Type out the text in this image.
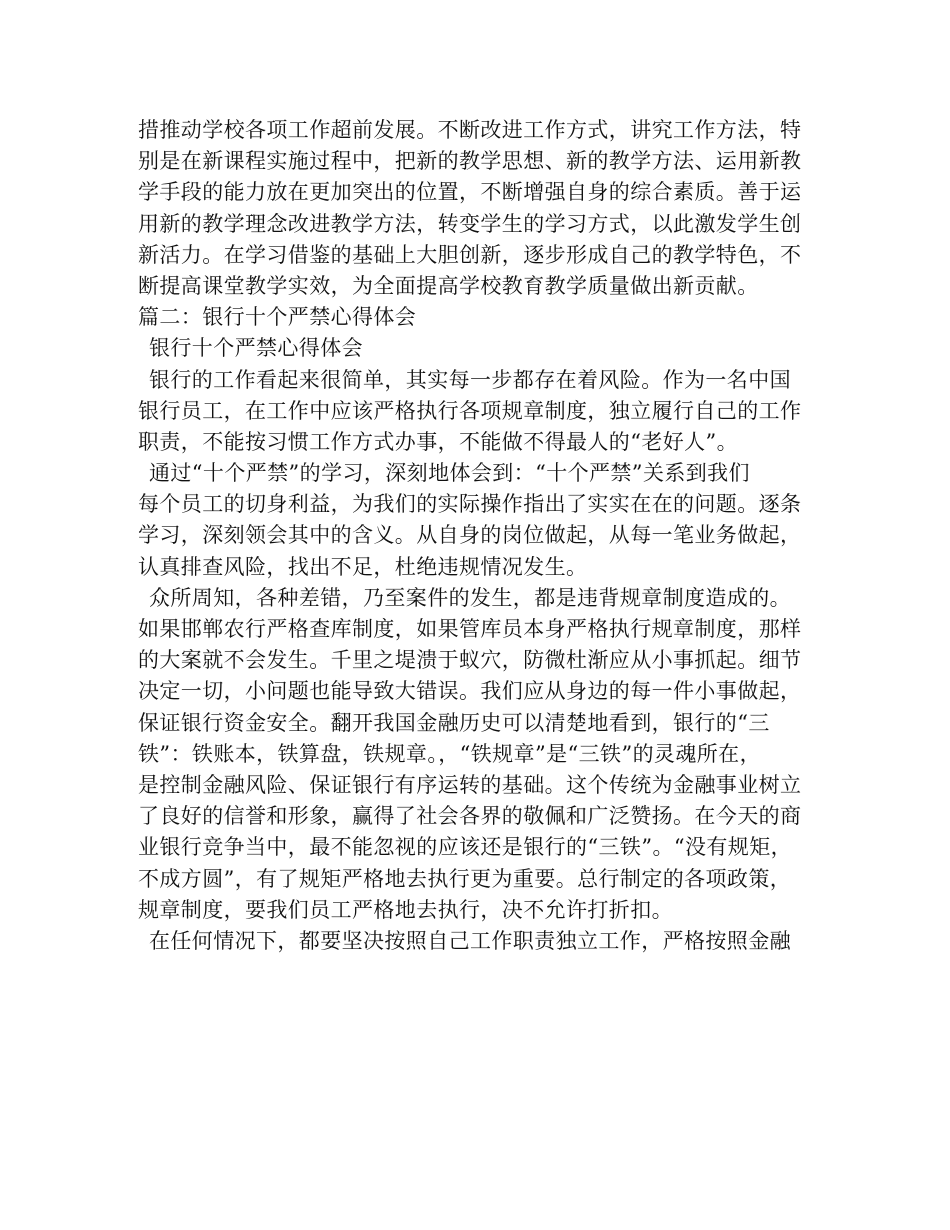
措推动学校各项工作超前发展。不断改进工作方式，讲究工作方法，特
别是在新课程实施过程中，把新的教学思想、新的教学方法、运用新教
学手段的能力放在更加突出的位置，不断增强自身的综合素质。善于运
用新的教学理念改进教学方法，转变学生的学习方式，以此激发学生创
新活力。在学习借鉴的基础上大胆创新，逐步形成自己的教学特色，不
断提高课堂教学实效，为全面提高学校教育教学质量做出新贡献。
篇二：银行十个严禁心得体会
银行十个严禁心得体会
银行的工作看起来很简单，其实每一步都存在着风险。作为一名中国
银行员工，在工作中应该严格执行各项规章制度，独立履行自己的工作
职责，不能按习惯工作方式办事，不能做不得最人的“老好人”。
通过“十个严禁”的学习，深刻地体会到：“十个严禁”关系到我们
每个员工的切身利益，为我们的实际操作指出了实实在在的问题。逐条
学习，深刻领会其中的含义。从自身的岗位做起，从每一笔业务做起，
认真排查风险，找出不足，杜绝违规情况发生。
众所周知，各种差错，乃至案件的发生，都是违背规章制度造成的。
如果邯郸农行严格查库制度，如果管库员本身严格执行规章制度，那样
的大案就不会发生。千里之堤溃于蚁穴，防微杜渐应从小事抓起。细节
决定一切，小问题也能导致大错误。我们应从身边的每一件小事做起，
保证银行资金安全。翻开我国金融历史可以清楚地看到，银行的“三
铁”：铁账本，铁算盘，铁规章。，“铁规章”是“三铁”的灵魂所在，
是控制金融风险、保证银行有序运转的基础。这个传统为金融事业树立
了良好的信誉和形象，赢得了社会各界的敬佩和广泛赞扬。在今天的商
业银行竞争当中，最不能忽视的应该还是银行的“三铁”。“没有规矩，
不成方圆”，有了规矩严格地去执行更为重要。总行制定的各项政策，
规章制度，要我们员工严格地去执行，决不允许打折扣。
在任何情况下，都要坚决按照自己工作职责独立工作，严格按照金融
